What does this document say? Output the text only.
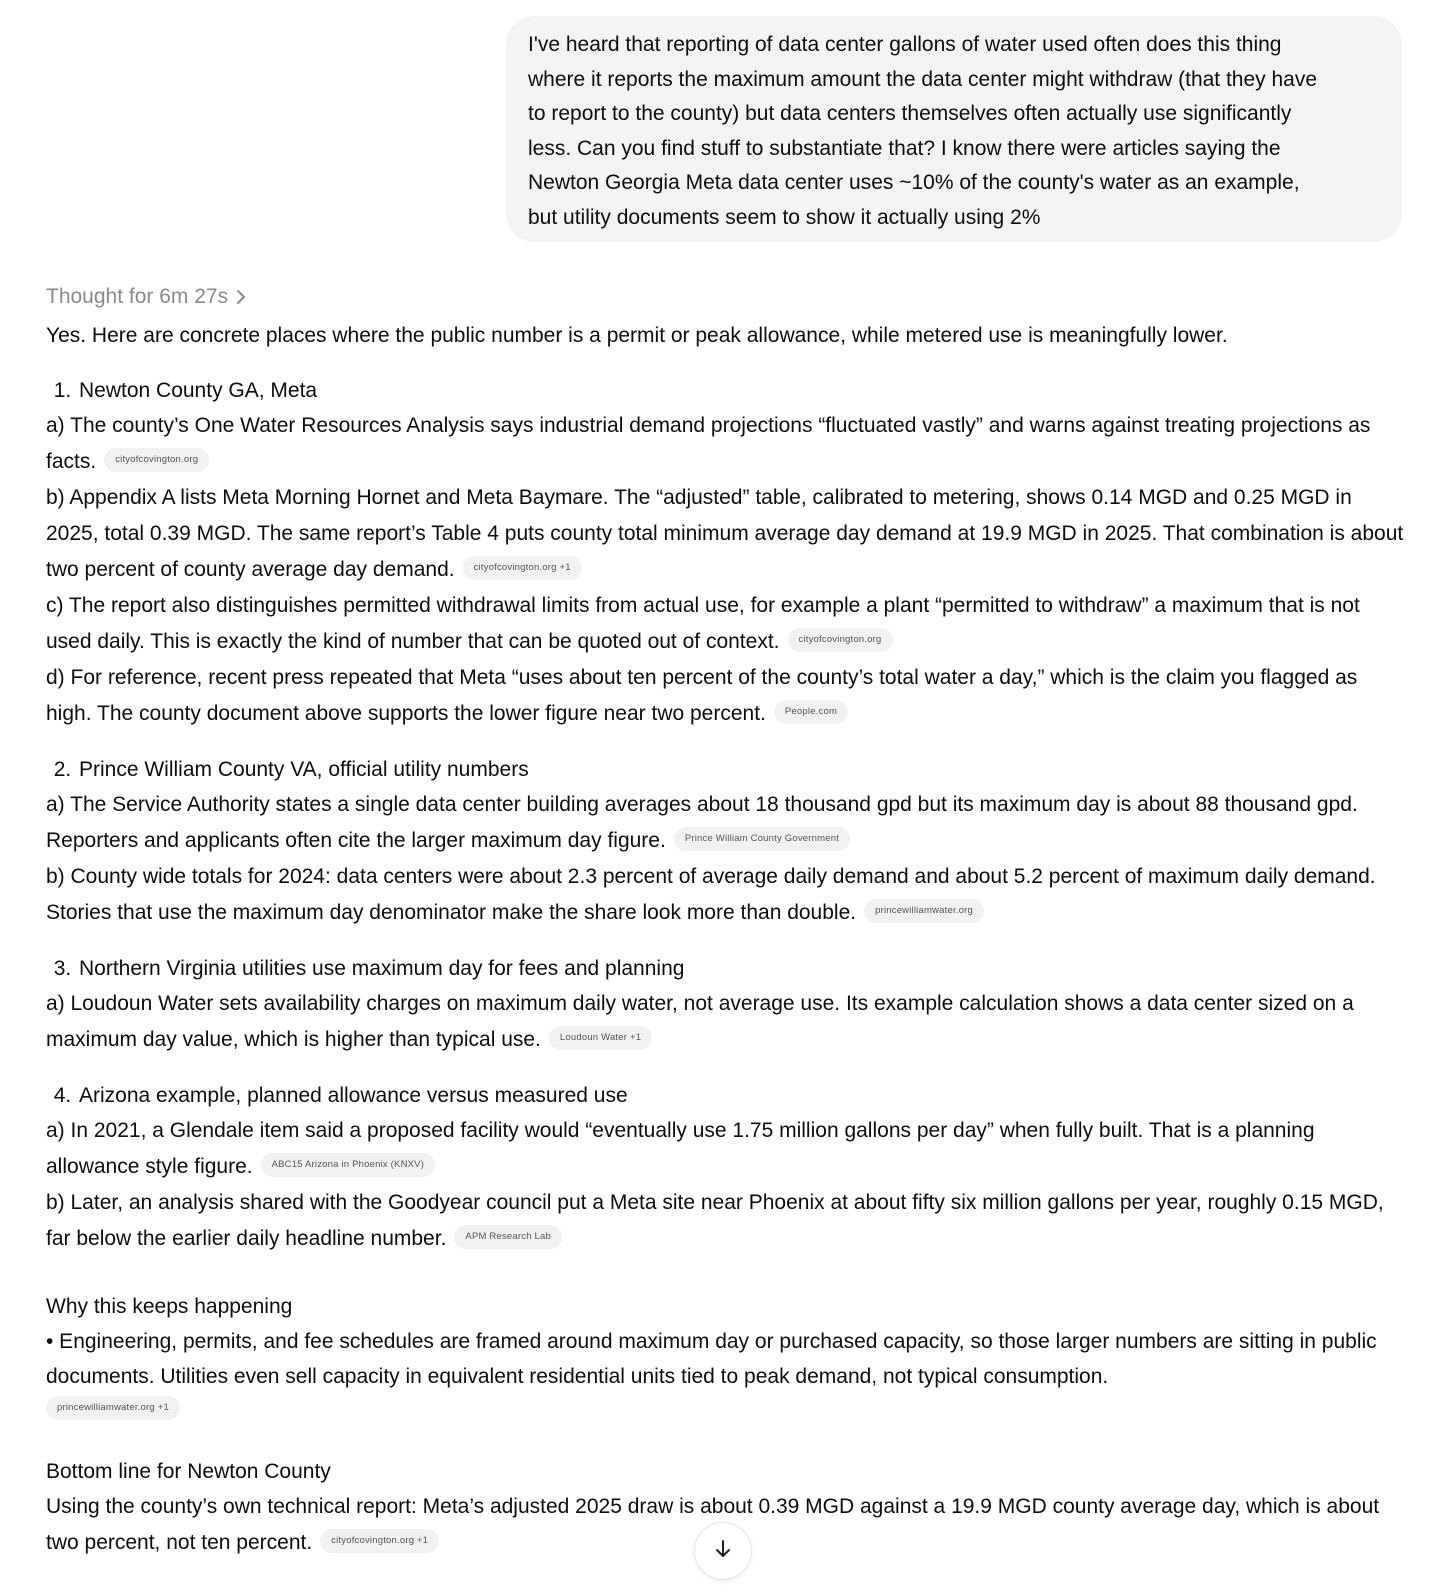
I've heard that reporting of data center gallons of water used often does this thing
where it reports the maximum amount the data center might withdraw (that they have
to report to the county) but data centers themselves often actually use significantly
less. Can you find stuff to substantiate that? I know there were articles saying the
Newton Georgia Meta data center uses ~10% of the county's water as an example,
but utility documents seem to show it actually using 2%
Thought for 6m 27s

Yes. Here are concrete places where the public number is a permit or peak allowance, while metered use is meaningfully lower.

1. Newton County GA, Meta
a) The county’s One Water Resources Analysis says industrial demand projections “fluctuated vastly” and warns against treating projections as facts. cityofcovington.org
b) Appendix A lists Meta Morning Hornet and Meta Baymare. The “adjusted” table, calibrated to metering, shows 0.14 MGD and 0.25 MGD in 2025, total 0.39 MGD. The same report’s Table 4 puts county total minimum average day demand at 19.9 MGD in 2025. That combination is about two percent of county average day demand. cityofcovington.org +1
c) The report also distinguishes permitted withdrawal limits from actual use, for example a plant “permitted to withdraw” a maximum that is not used daily. This is exactly the kind of number that can be quoted out of context. cityofcovington.org
d) For reference, recent press repeated that Meta “uses about ten percent of the county’s total water a day,” which is the claim you flagged as high. The county document above supports the lower figure near two percent. People.com
2. Prince William County VA, official utility numbers
a) The Service Authority states a single data center building averages about 18 thousand gpd but its maximum day is about 88 thousand gpd. Reporters and applicants often cite the larger maximum day figure. Prince William County Government
b) County wide totals for 2024: data centers were about 2.3 percent of average daily demand and about 5.2 percent of maximum daily demand. Stories that use the maximum day denominator make the share look more than double. princewilliamwater.org
3. Northern Virginia utilities use maximum day for fees and planning
a) Loudoun Water sets availability charges on maximum daily water, not average use. Its example calculation shows a data center sized on a maximum day value, which is higher than typical use. Loudoun Water +1
4. Arizona example, planned allowance versus measured use
a) In 2021, a Glendale item said a proposed facility would “eventually use 1.75 million gallons per day” when fully built. That is a planning allowance style figure. ABC15 Arizona in Phoenix (KNXV)
b) Later, an analysis shared with the Goodyear council put a Meta site near Phoenix at about fifty six million gallons per year, roughly 0.15 MGD, far below the earlier daily headline number. APM Research Lab
Why this keeps happening
• Engineering, permits, and fee schedules are framed around maximum day or purchased capacity, so those larger numbers are sitting in public documents. Utilities even sell capacity in equivalent residential units tied to peak demand, not typical consumption.
princewilliamwater.org +1
Bottom line for Newton County
Using the county’s own technical report: Meta’s adjusted 2025 draw is about 0.39 MGD against a 19.9 MGD county average day, which is about two percent, not ten percent. cityofcovington.org +1
